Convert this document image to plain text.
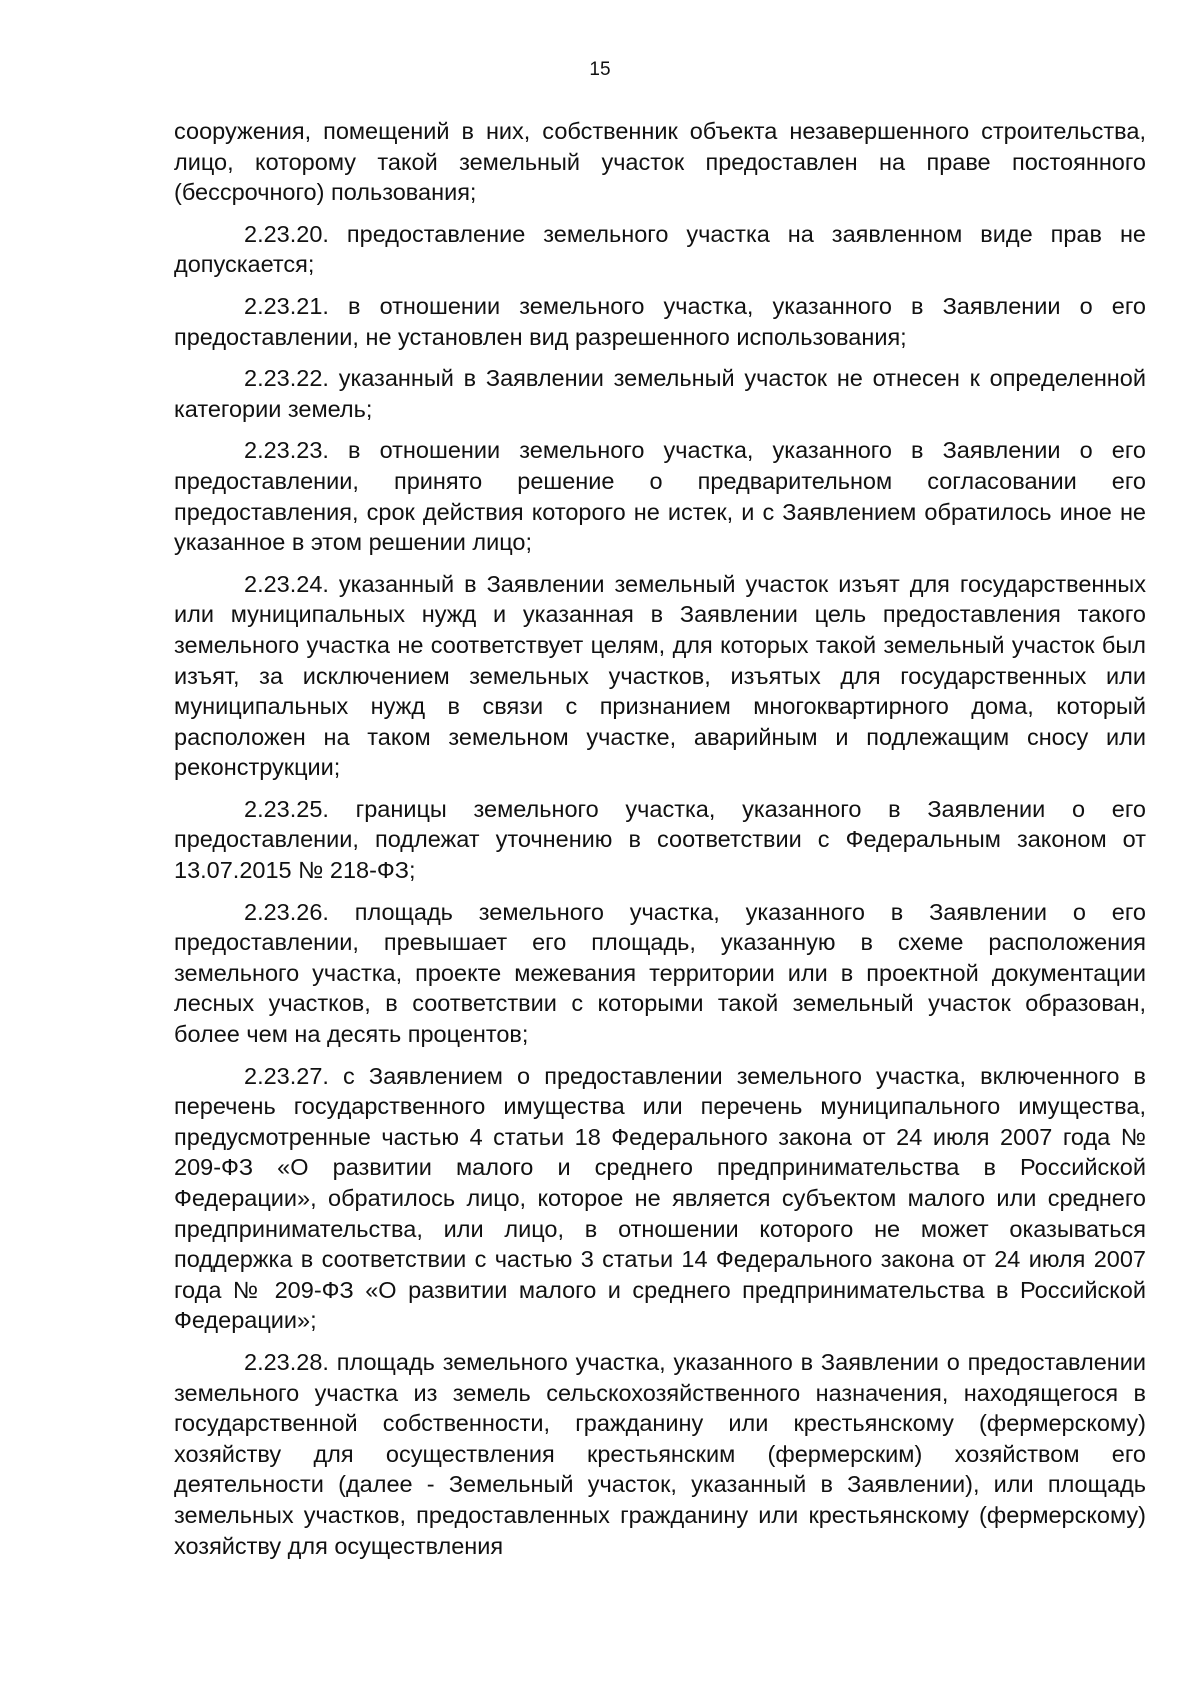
15

сооружения, помещений в них, собственник объекта незавершенного строительства, лицо, которому такой земельный участок предоставлен на праве постоянного (бессрочного) пользования;

2.23.20. предоставление земельного участка на заявленном виде прав не допускается;

2.23.21. в отношении земельного участка, указанного в Заявлении о его предоставлении, не установлен вид разрешенного использования;

2.23.22. указанный в Заявлении земельный участок не отнесен к определенной категории земель;

2.23.23. в отношении земельного участка, указанного в Заявлении о его предоставлении, принято решение о предварительном согласовании его предоставления, срок действия которого не истек, и с Заявлением обратилось иное не указанное в этом решении лицо;

2.23.24. указанный в Заявлении земельный участок изъят для государственных или муниципальных нужд и указанная в Заявлении цель предоставления такого земельного участка не соответствует целям, для которых такой земельный участок был изъят, за исключением земельных участков, изъятых для государственных или муниципальных нужд в связи с признанием многоквартирного дома, который расположен на таком земельном участке, аварийным и подлежащим сносу или реконструкции;

2.23.25. границы земельного участка, указанного в Заявлении о его предоставлении, подлежат уточнению в соответствии с Федеральным законом от 13.07.2015 № 218-ФЗ;

2.23.26. площадь земельного участка, указанного в Заявлении о его предоставлении, превышает его площадь, указанную в схеме расположения земельного участка, проекте межевания территории или в проектной документации лесных участков, в соответствии с которыми такой земельный участок образован, более чем на десять процентов;

2.23.27. с Заявлением о предоставлении земельного участка, включенного в перечень государственного имущества или перечень муниципального имущества, предусмотренные частью 4 статьи 18 Федерального закона от 24 июля 2007 года № 209-ФЗ «О развитии малого и среднего предпринимательства в Российской Федерации», обратилось лицо, которое не является субъектом малого или среднего предпринимательства, или лицо, в отношении которого не может оказываться поддержка в соответствии с частью 3 статьи 14 Федерального закона от 24 июля 2007 года № 209-ФЗ «О развитии малого и среднего предпринимательства в Российской Федерации»;

2.23.28. площадь земельного участка, указанного в Заявлении о предоставлении земельного участка из земель сельскохозяйственного назначения, находящегося в государственной собственности, гражданину или крестьянскому (фермерскому) хозяйству для осуществления крестьянским (фермерским) хозяйством его деятельности (далее - Земельный участок, указанный в Заявлении), или площадь земельных участков, предоставленных гражданину или крестьянскому (фермерскому) хозяйству для осуществления
